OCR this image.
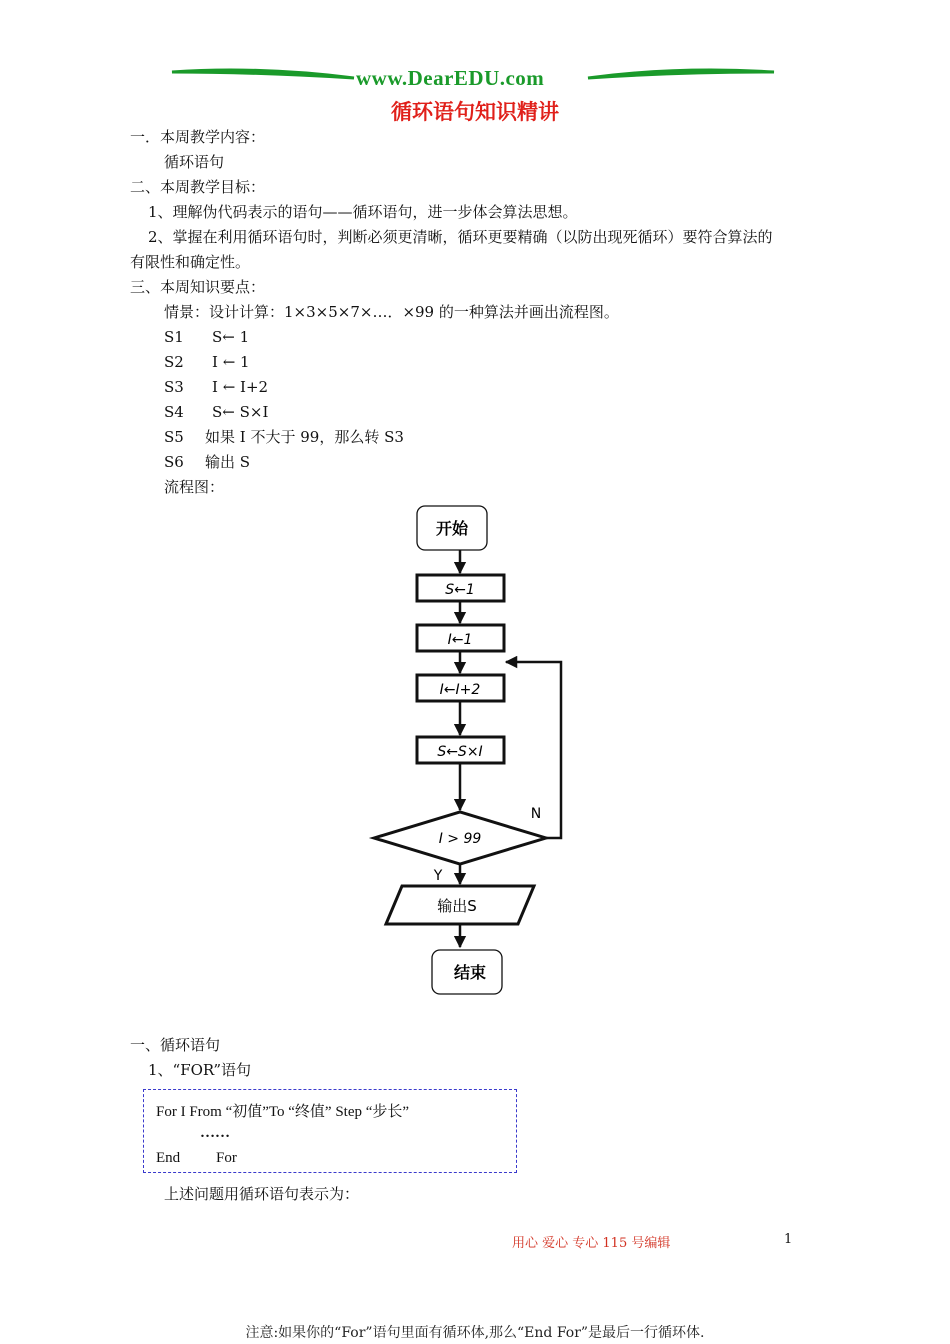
www.DearEDU.com
循环语句知识精讲
一．本周教学内容：
循环语句
二、本周教学目标：
1、理解伪代码表示的语句——循环语句，进一步体会算法思想。
2、掌握在利用循环语句时，判断必须更清晰，循环更要精确（以防出现死循环）要符合算法的
有限性和确定性。
三、本周知识要点：
情景：设计计算：1×3×5×7×…．×99 的一种算法并画出流程图。
S1 S← 1
S2 I ← 1
S3 I ← I+2
S4 S← S×I
S5 如果 I 不大于 99，那么转 S3
S6 输出 S
流程图：
开始
S←1
I←1
I←I+2
S←S×I
I > 99
N
Y
输出S
结束
一、循环语句
1、“FOR”语句
For I From “初值”To “终值” Step “步长”
……
End For
上述问题用循环语句表示为：
用心 爱心 专心 115 号编辑	1
注意:如果你的“For”语句里面有循环体,那么“End For”是最后一行循环体.
